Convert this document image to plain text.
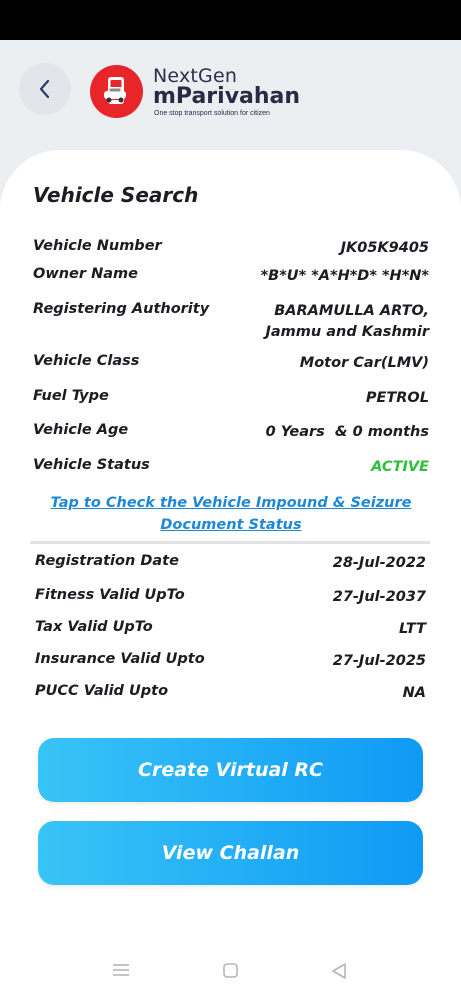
NextGen
mParivahan
One stop transport solution for citizen
Vehicle Search
Vehicle Number	JK05K9405
Owner Name	*B*U* *A*H*D* *H*N*
Registering Authority	BARAMULLA ARTO, Jammu and Kashmir
Vehicle Class	Motor Car(LMV)
Fuel Type	PETROL
Vehicle Age	0 Years  & 0 months
Vehicle Status	ACTIVE
Tap to Check the Vehicle Impound & Seizure Document Status
Registration Date	28-Jul-2022
Fitness Valid UpTo	27-Jul-2037
Tax Valid UpTo	LTT
Insurance Valid Upto	27-Jul-2025
PUCC Valid Upto	NA
Create Virtual RC
View Challan
